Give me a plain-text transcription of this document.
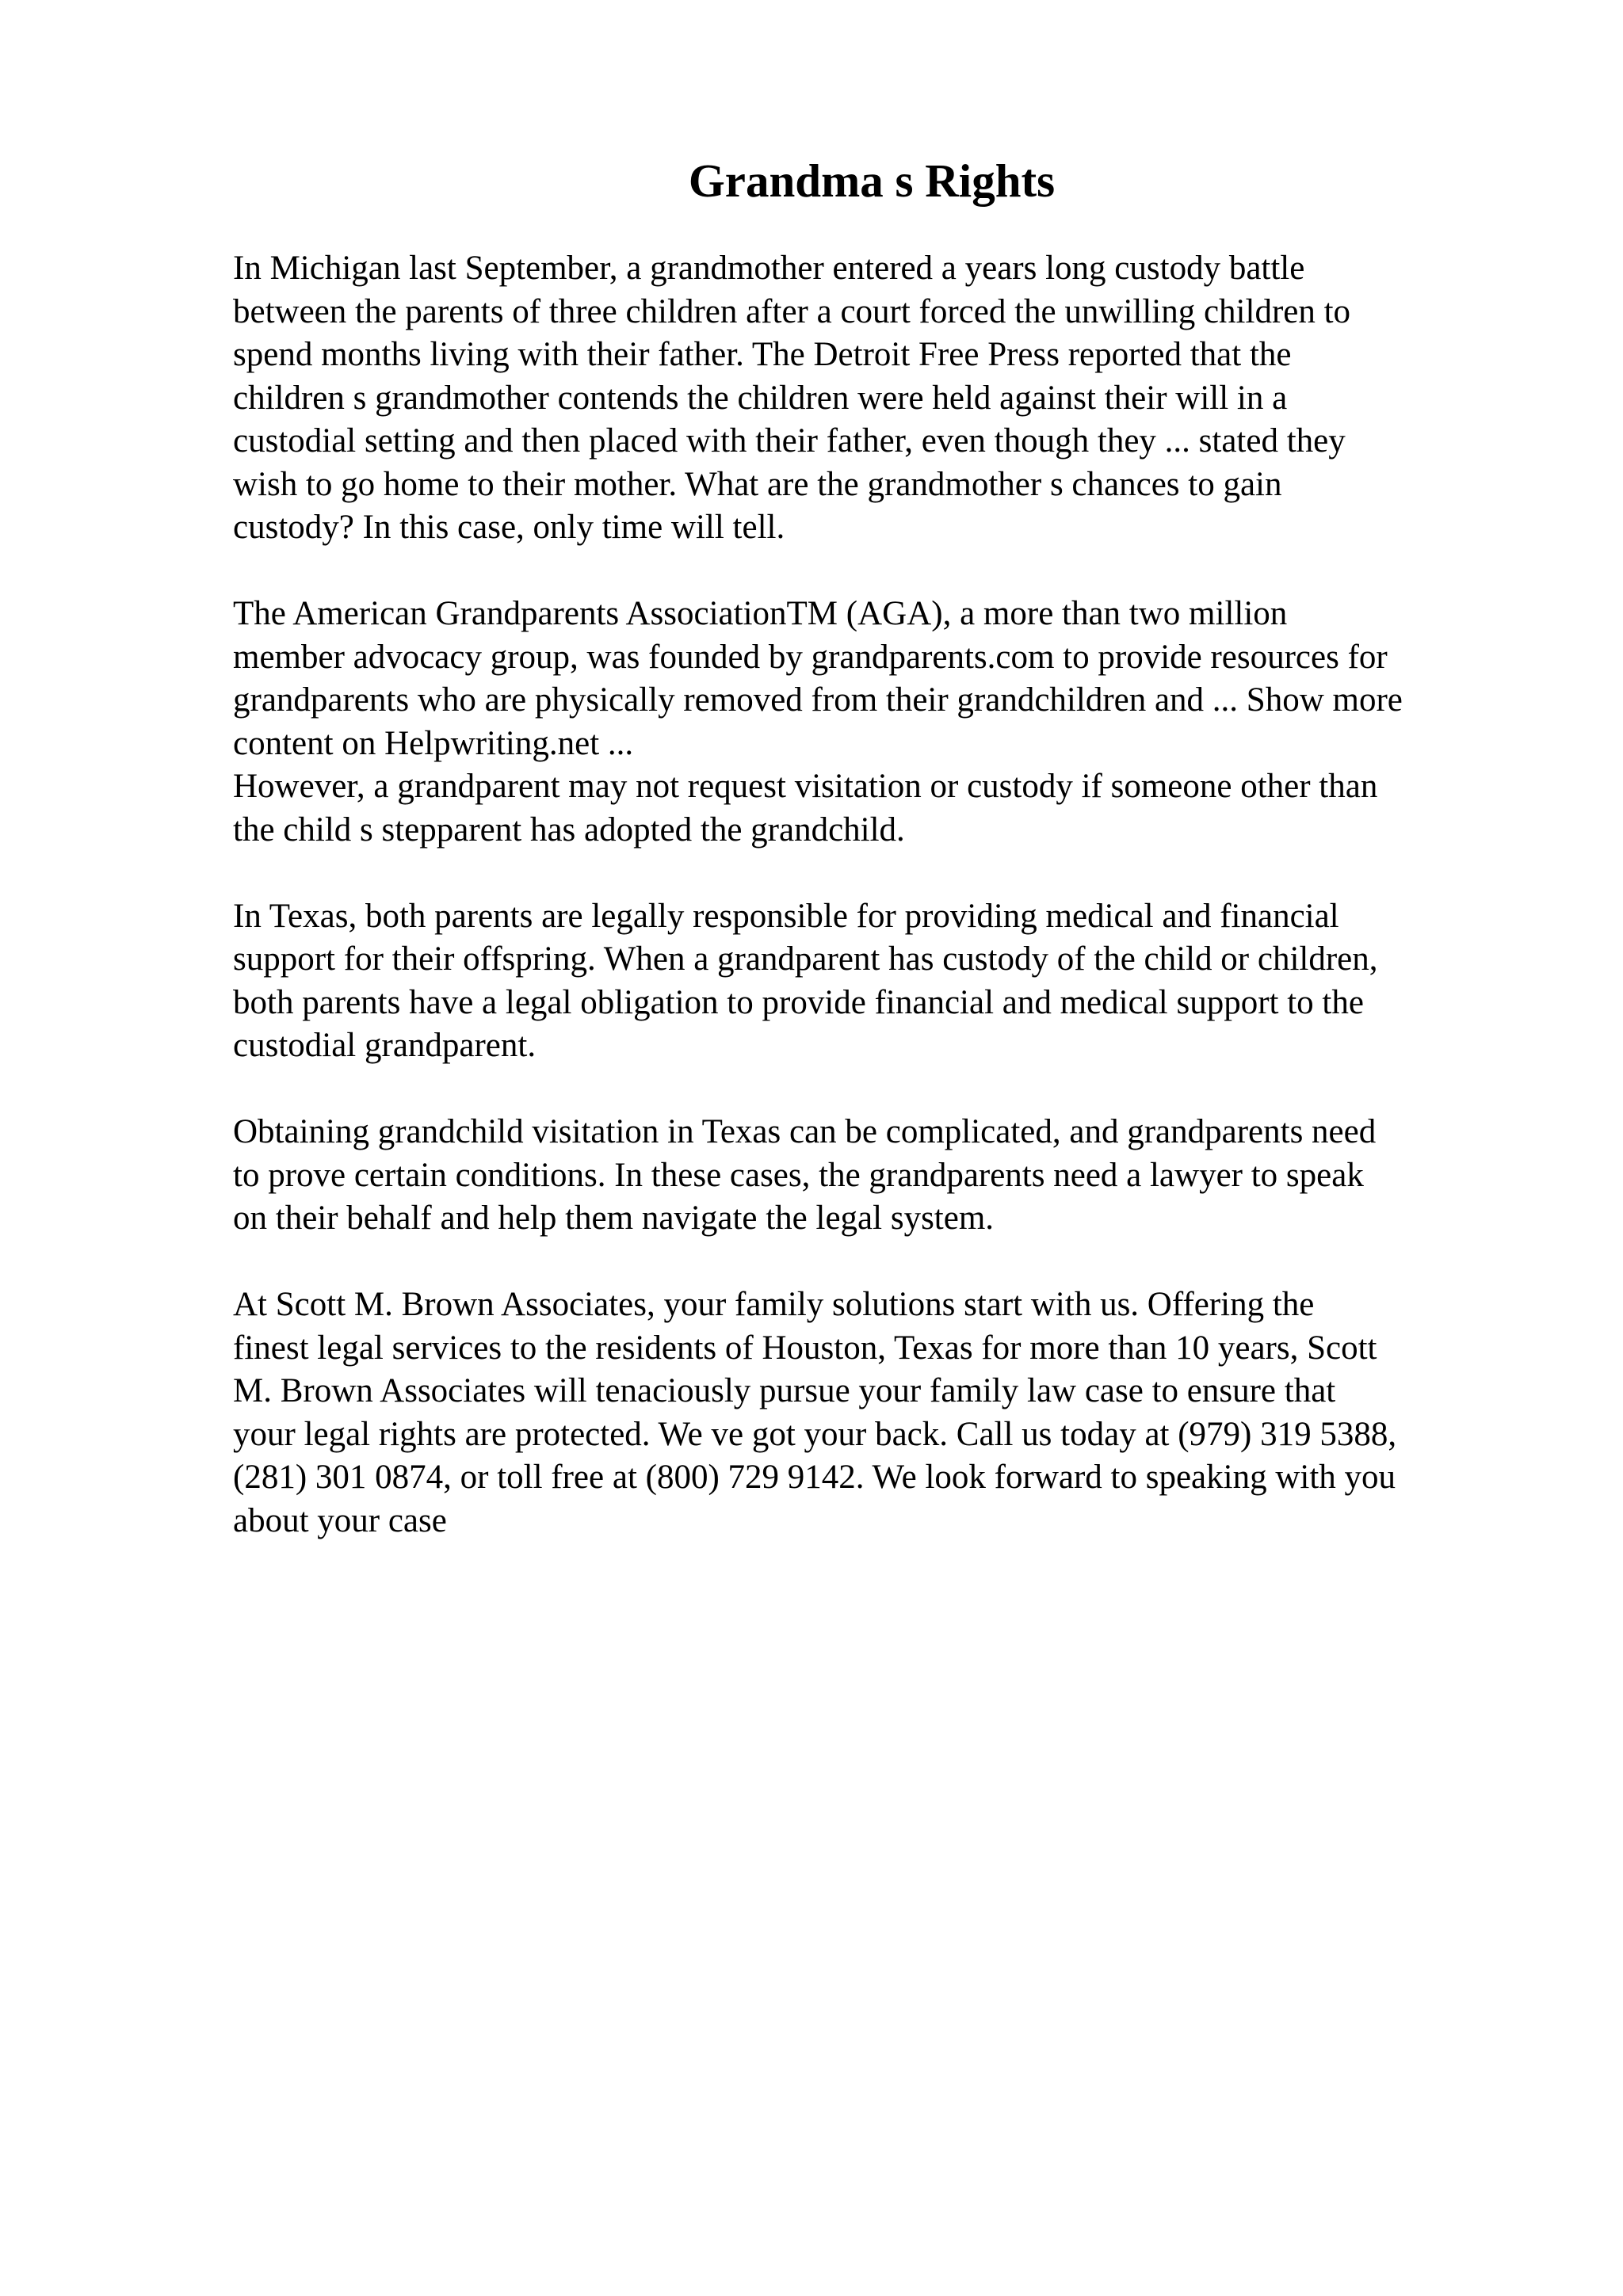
Grandma s Rights
In Michigan last September, a grandmother entered a years long custody battle
between the parents of three children after a court forced the unwilling children to
spend months living with their father. The Detroit Free Press reported that the
children s grandmother contends the children were held against their will in a
custodial setting and then placed with their father, even though they ... stated they
wish to go home to their mother. What are the grandmother s chances to gain
custody? In this case, only time will tell.
The American Grandparents AssociationTM (AGA), a more than two million
member advocacy group, was founded by grandparents.com to provide resources for
grandparents who are physically removed from their grandchildren and ... Show more
content on Helpwriting.net ...
However, a grandparent may not request visitation or custody if someone other than
the child s stepparent has adopted the grandchild.
In Texas, both parents are legally responsible for providing medical and financial
support for their offspring. When a grandparent has custody of the child or children,
both parents have a legal obligation to provide financial and medical support to the
custodial grandparent.
Obtaining grandchild visitation in Texas can be complicated, and grandparents need
to prove certain conditions. In these cases, the grandparents need a lawyer to speak
on their behalf and help them navigate the legal system.
At Scott M. Brown Associates, your family solutions start with us. Offering the
finest legal services to the residents of Houston, Texas for more than 10 years, Scott
M. Brown Associates will tenaciously pursue your family law case to ensure that
your legal rights are protected. We ve got your back. Call us today at (979) 319 5388,
(281) 301 0874, or toll free at (800) 729 9142. We look forward to speaking with you
about your case
